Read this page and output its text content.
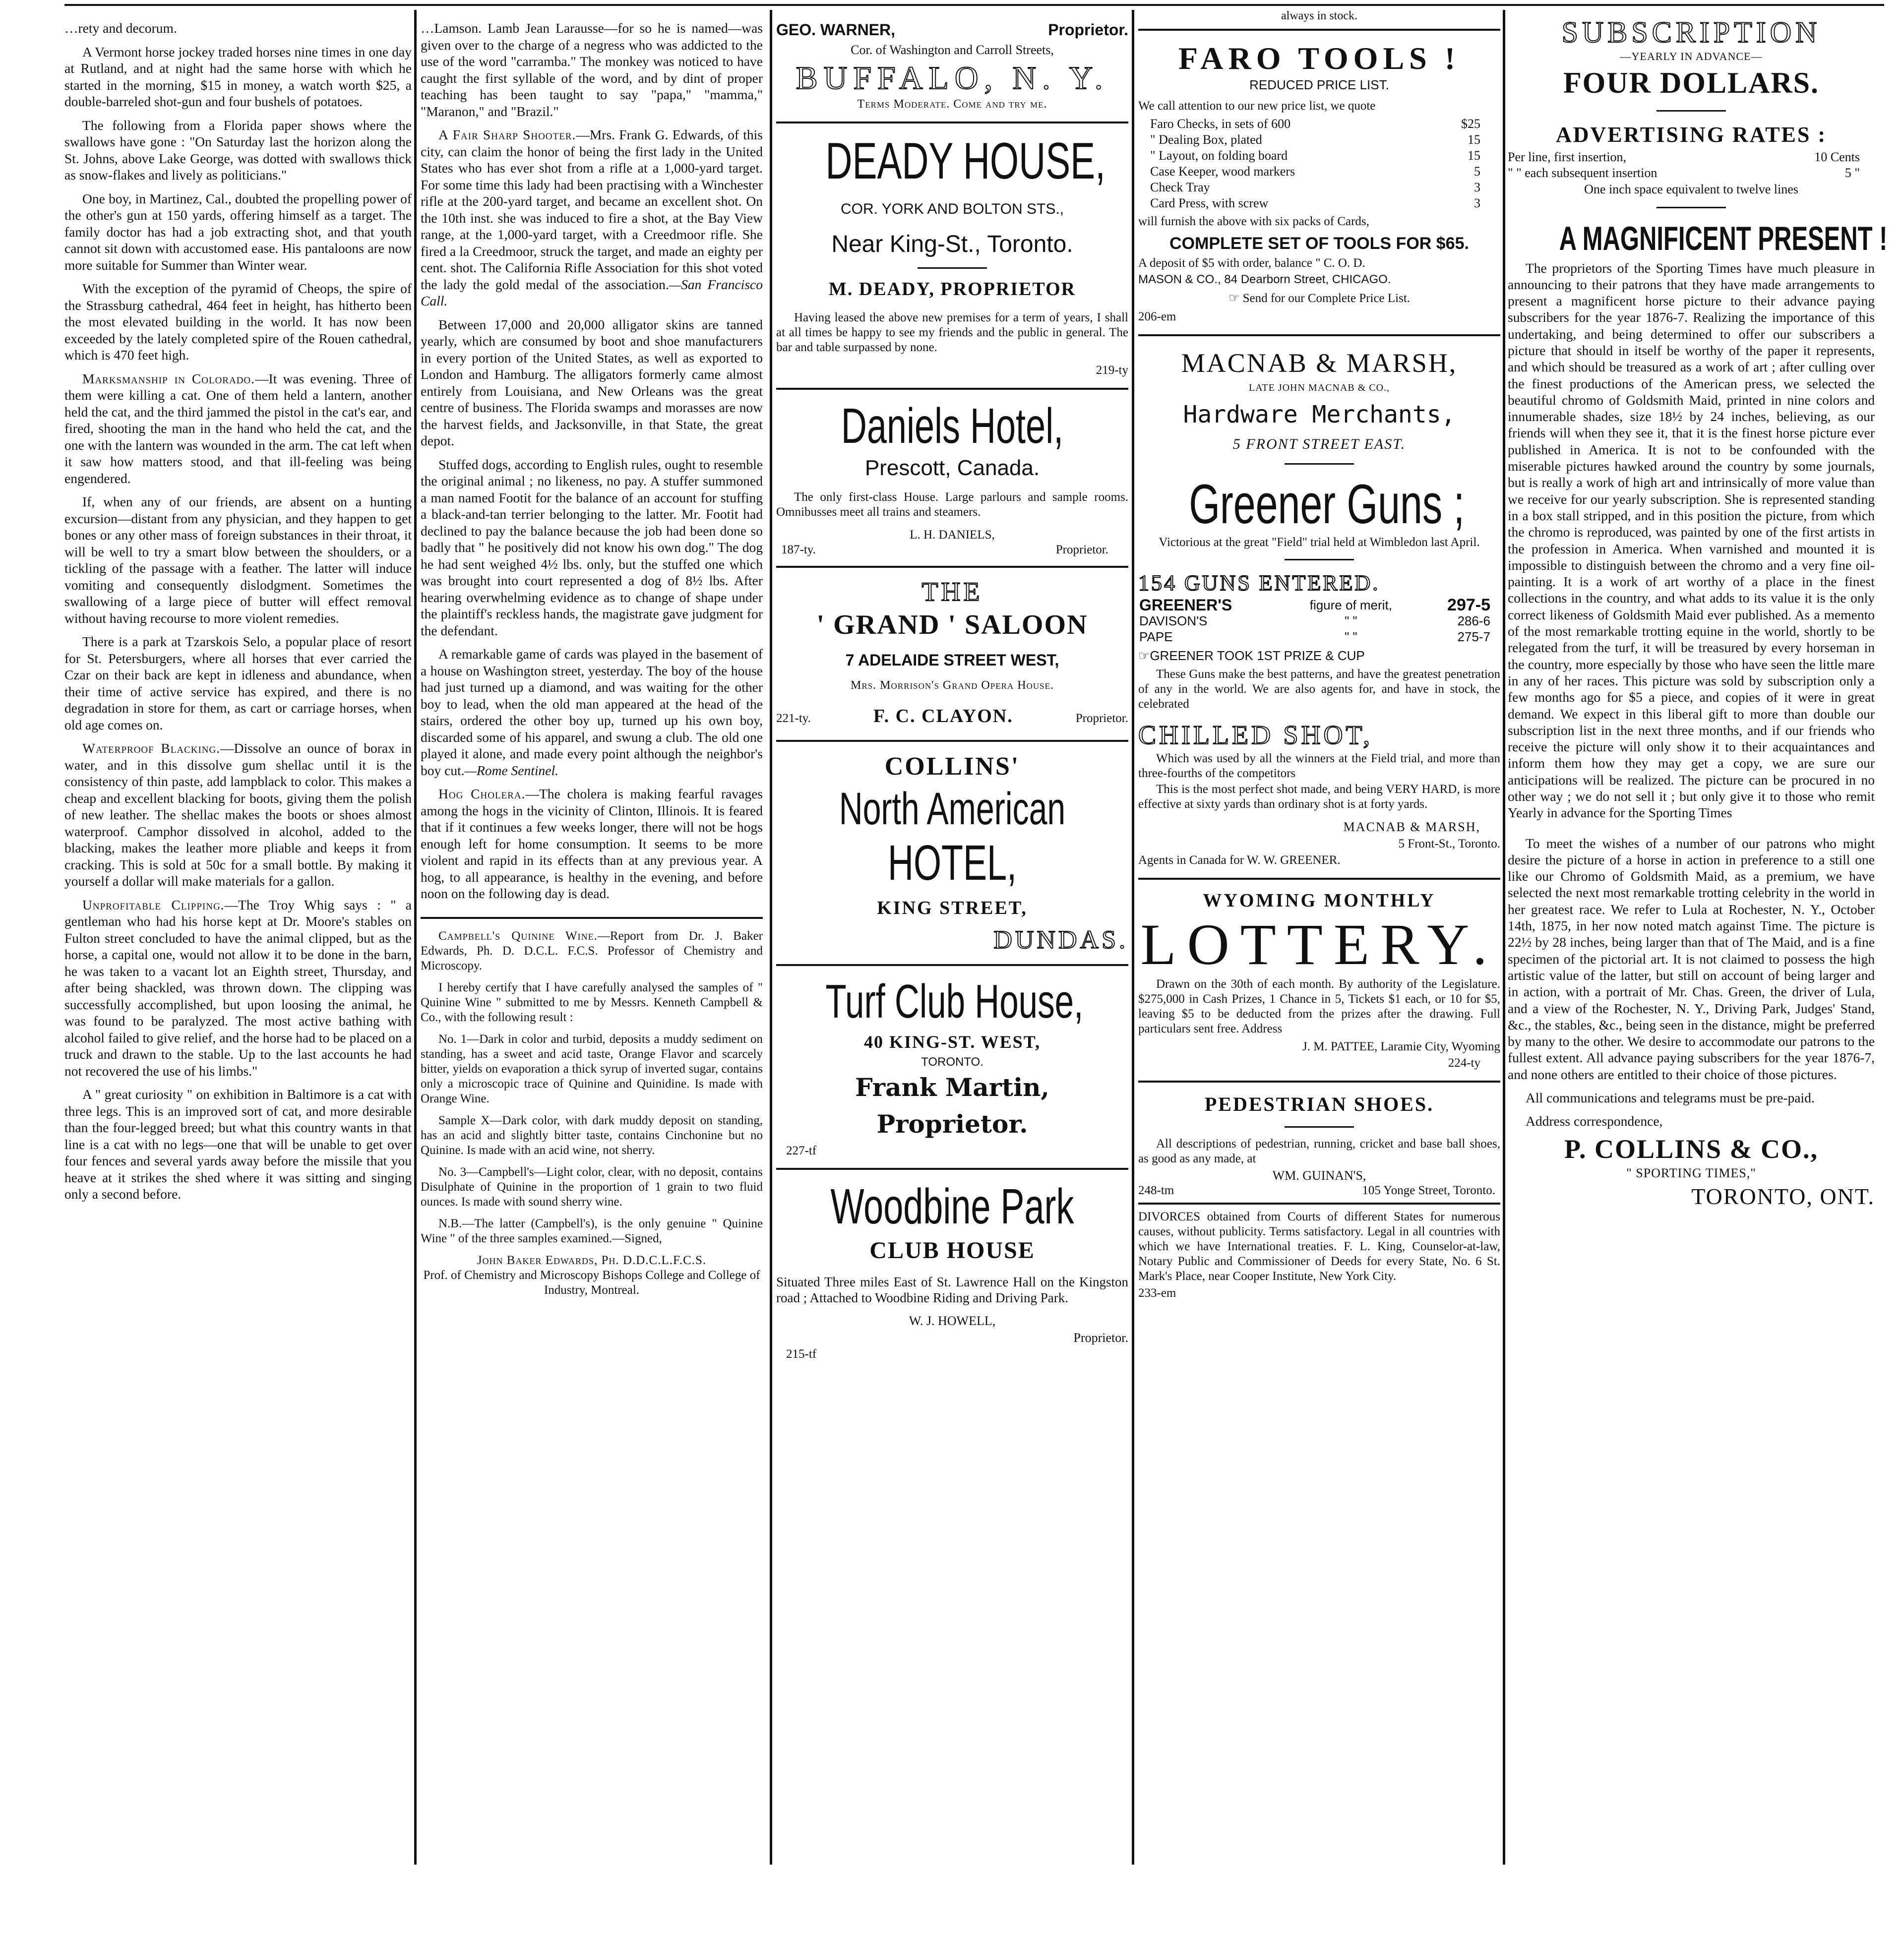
…rety and decorum.

A Vermont horse jockey traded horses nine times in one day at Rutland, and at night had the same horse with which he started in the morning, $15 in money, a watch worth $25, a double-barreled shot-gun and four bushels of potatoes.

The following from a Florida paper shows where the swallows have gone : "On Saturday last the horizon along the St. Johns, above Lake George, was dotted with swallows thick as snow-flakes and lively as politicians."

One boy, in Martinez, Cal., doubted the propelling power of the other's gun at 150 yards, offering himself as a target. The family doctor has had a job extracting shot, and that youth cannot sit down with accustomed ease. His pantaloons are now more suitable for Summer than Winter wear.

With the exception of the pyramid of Cheops, the spire of the Strassburg cathedral, 464 feet in height, has hitherto been the most elevated building in the world. It has now been exceeded by the lately completed spire of the Rouen cathedral, which is 470 feet high.

Marksmanship in Colorado.—It was evening. Three of them were killing a cat. One of them held a lantern, another held the cat, and the third jammed the pistol in the cat's ear, and fired, shooting the man in the hand who held the cat, and the one with the lantern was wounded in the arm. The cat left when it saw how matters stood, and that ill-feeling was being engendered.

If, when any of our friends, are absent on a hunting excursion—distant from any physician, and they happen to get bones or any other mass of foreign substances in their throat, it will be well to try a smart blow between the shoulders, or a tickling of the passage with a feather. The latter will induce vomiting and consequently dislodgment. Sometimes the swallowing of a large piece of butter will effect removal without having recourse to more violent remedies.

There is a park at Tzarskois Selo, a popular place of resort for St. Petersburgers, where all horses that ever carried the Czar on their back are kept in idleness and abundance, when their time of active service has expired, and there is no degradation in store for them, as cart or carriage horses, when old age comes on.

Waterproof Blacking.—Dissolve an ounce of borax in water, and in this dissolve gum shellac until it is the consistency of thin paste, add lampblack to color. This makes a cheap and excellent blacking for boots, giving them the polish of new leather. The shellac makes the boots or shoes almost waterproof. Camphor dissolved in alcohol, added to the blacking, makes the leather more pliable and keeps it from cracking. This is sold at 50c for a small bottle. By making it yourself a dollar will make materials for a gallon.

Unprofitable Clipping.—The Troy Whig says : " a gentleman who had his horse kept at Dr. Moore's stables on Fulton street concluded to have the animal clipped, but as the horse, a capital one, would not allow it to be done in the barn, he was taken to a vacant lot an Eighth street, Thursday, and after being shackled, was thrown down. The clipping was successfully accomplished, but upon loosing the animal, he was found to be paralyzed. The most active bathing with alcohol failed to give relief, and the horse had to be placed on a truck and drawn to the stable. Up to the last accounts he had not recovered the use of his limbs."

A " great curiosity " on exhibition in Baltimore is a cat with three legs. This is an improved sort of cat, and more desirable than the four-legged breed; but what this country wants in that line is a cat with no legs—one that will be unable to get over four fences and several yards away before the missile that you heave at it strikes the shed where it was sitting and singing only a second before.

…Lamson. Lamb Jean Larausse—for so he is named—was given over to the charge of a negress who was addicted to the use of the word "carramba." The monkey was noticed to have caught the first syllable of the word, and by dint of proper teaching has been taught to say "papa," "mamma," "Maranon," and "Brazil."

A Fair Sharp Shooter.—Mrs. Frank G. Edwards, of this city, can claim the honor of being the first lady in the United States who has ever shot from a rifle at a 1,000-yard target. For some time this lady had been practising with a Winchester rifle at the 200-yard target, and became an excellent shot. On the 10th inst. she was induced to fire a shot, at the Bay View range, at the 1,000-yard target, with a Creedmoor rifle. She fired a la Creedmoor, struck the target, and made an eighty per cent. shot. The California Rifle Association for this shot voted the lady the gold medal of the association.—San Francisco Call.

Between 17,000 and 20,000 alligator skins are tanned yearly, which are consumed by boot and shoe manufacturers in every portion of the United States, as well as exported to London and Hamburg. The alligators formerly came almost entirely from Louisiana, and New Orleans was the great centre of business. The Florida swamps and morasses are now the harvest fields, and Jacksonville, in that State, the great depot.

Stuffed dogs, according to English rules, ought to resemble the original animal ; no likeness, no pay. A stuffer summoned a man named Footit for the balance of an account for stuffing a black-and-tan terrier belonging to the latter. Mr. Footit had declined to pay the balance because the job had been done so badly that " he positively did not know his own dog." The dog he had sent weighed 4½ lbs. only, but the stuffed one which was brought into court represented a dog of 8½ lbs. After hearing overwhelming evidence as to change of shape under the plaintiff's reckless hands, the magistrate gave judgment for the defendant.

A remarkable game of cards was played in the basement of a house on Washington street, yesterday. The boy of the house had just turned up a diamond, and was waiting for the other boy to lead, when the old man appeared at the head of the stairs, ordered the other boy up, turned up his own boy, discarded some of his apparel, and swung a club. The old one played it alone, and made every point although the neighbor's boy cut.—Rome Sentinel.

Hog Cholera.—The cholera is making fearful ravages among the hogs in the vicinity of Clinton, Illinois. It is feared that if it continues a few weeks longer, there will not be hogs enough left for home consumption. It seems to be more violent and rapid in its effects than at any previous year. A hog, to all appearance, is healthy in the evening, and before noon on the following day is dead.

Campbell's Quinine Wine.—Report from Dr. J. Baker Edwards, Ph. D. D.C.L. F.C.S. Professor of Chemistry and Microscopy.

I hereby certify that I have carefully analysed the samples of " Quinine Wine " submitted to me by Messrs. Kenneth Campbell & Co., with the following result :

No. 1—Dark in color and turbid, deposits a muddy sediment on standing, has a sweet and acid taste, Orange Flavor and scarcely bitter, yields on evaporation a thick syrup of inverted sugar, contains only a microscopic trace of Quinine and Quinidine. Is made with Orange Wine.

Sample X—Dark color, with dark muddy deposit on standing, has an acid and slightly bitter taste, contains Cinchonine but no Quinine. Is made with an acid wine, not sherry.

No. 3—Campbell's—Light color, clear, with no deposit, contains Disulphate of Quinine in the proportion of 1 grain to two fluid ounces. Is made with sound sherry wine.

N.B.—The latter (Campbell's), is the only genuine " Quinine Wine " of the three samples examined.—Signed,

John Baker Edwards, Ph. D.D.C.L.F.C.S.

Prof. of Chemistry and Microscopy Bishops College and College of Industry, Montreal.

GEO. WARNER,	Proprietor.

Cor. of Washington and Carroll Streets,

BUFFALO, N. Y.

Terms Moderate. Come and try me.

DEADY HOUSE,
COR. YORK AND BOLTON STS.,
Near King-St., Toronto.
M. DEADY, PROPRIETOR

Having leased the above new premises for a term of years, I shall at all times be happy to see my friends and the public in general. The bar and table surpassed by none.

219-ty

Daniels Hotel,
Prescott, Canada.

The only first-class House. Large parlours and sample rooms. Omnibusses meet all trains and steamers.

L. H. DANIELS,

187-ty.	Proprietor.
THE
' GRAND ' SALOON
7 ADELAIDE STREET WEST,

Mrs. Morrison's Grand Opera House.

221-ty.	F. C. CLAYON.	Proprietor.
COLLINS'
North American
HOTEL,
KING STREET,
DUNDAS.
Turf Club House,
40 KING-ST. WEST,
TORONTO.
Frank Martin, Proprietor.

227-tf

Woodbine Park
CLUB HOUSE

Situated Three miles East of St. Lawrence Hall on the Kingston road ; Attached to Woodbine Riding and Driving Park.

W. J. HOWELL,

Proprietor.

215-tf

always in stock.

FARO TOOLS !
REDUCED PRICE LIST.

We call attention to our new price list, we quote

Faro Checks, in sets of 600	$25
" Dealing Box, plated	15
" Layout, on folding board	15
Case Keeper, wood markers	5
Check Tray	3
Card Press, with screw	3

will furnish the above with six packs of Cards,

COMPLETE SET OF TOOLS FOR $65.

A deposit of $5 with order, balance " C. O. D.

MASON & CO., 84 Dearborn Street, CHICAGO.

☞ Send for our Complete Price List.

206-em

MACNAB & MARSH,
LATE JOHN MACNAB & CO.,
Hardware Merchants,
5 FRONT STREET EAST.
Greener Guns ;

Victorious at the great "Field" trial held at Wimbledon last April.

154 GUNS ENTERED.
GREENER'S	figure of merit,	297-5
DAVISON'S	" "	286-6
PAPE	" "	275-7

☞GREENER TOOK 1ST PRIZE & CUP

These Guns make the best patterns, and have the greatest penetration of any in the world. We are also agents for, and have in stock, the celebrated

CHILLED SHOT,

Which was used by all the winners at the Field trial, and more than three-fourths of the competitors

This is the most perfect shot made, and being VERY HARD, is more effective at sixty yards than ordinary shot is at forty yards.

MACNAB & MARSH,

5 Front-St., Toronto.

Agents in Canada for W. W. GREENER.

WYOMING MONTHLY
LOTTERY.

Drawn on the 30th of each month. By authority of the Legislature. $275,000 in Cash Prizes, 1 Chance in 5, Tickets $1 each, or 10 for $5, leaving $5 to be deducted from the prizes after the drawing. Full particulars sent free. Address

J. M. PATTEE, Laramie City, Wyoming

224-ty

PEDESTRIAN SHOES.

All descriptions of pedestrian, running, cricket and base ball shoes, as good as any made, at

WM. GUINAN'S,

248-tm	105 Yonge Street, Toronto.

DIVORCES obtained from Courts of different States for numerous causes, without publicity. Terms satisfactory. Legal in all countries with which we have International treaties. F. L. King, Counselor-at-law, Notary Public and Commissioner of Deeds for every State, No. 6 St. Mark's Place, near Cooper Institute, New York City.

233-em

SUBSCRIPTION
—YEARLY IN ADVANCE—
FOUR DOLLARS.
ADVERTISING RATES :
Per line, first insertion,	10 Cents
" " each subsequent insertion	5 "

One inch space equivalent to twelve lines

A MAGNIFICENT PRESENT !

The proprietors of the Sporting Times have much pleasure in announcing to their patrons that they have made arrangements to present a magnificent horse picture to their advance paying subscribers for the year 1876-7. Realizing the importance of this undertaking, and being determined to offer our subscribers a picture that should in itself be worthy of the paper it represents, and which should be treasured as a work of art ; after culling over the finest productions of the American press, we selected the beautiful chromo of Goldsmith Maid, printed in nine colors and innumerable shades, size 18½ by 24 inches, believing, as our friends will when they see it, that it is the finest horse picture ever published in America. It is not to be confounded with the miserable pictures hawked around the country by some journals, but is really a work of high art and intrinsically of more value than we receive for our yearly subscription. She is represented standing in a box stall stripped, and in this position the picture, from which the chromo is reproduced, was painted by one of the first artists in the profession in America. When varnished and mounted it is impossible to distinguish between the chromo and a very fine oil-painting. It is a work of art worthy of a place in the finest collections in the country, and what adds to its value it is the only correct likeness of Goldsmith Maid ever published. As a memento of the most remarkable trotting equine in the world, shortly to be relegated from the turf, it will be treasured by every horseman in the country, more especially by those who have seen the little mare in any of her races. This picture was sold by subscription only a few months ago for $5 a piece, and copies of it were in great demand. We expect in this liberal gift to more than double our subscription list in the next three months, and if our friends who receive the picture will only show it to their acquaintances and inform them how they may get a copy, we are sure our anticipations will be realized. The picture can be procured in no other way ; we do not sell it ; but only give it to those who remit Yearly in advance for the Sporting Times

To meet the wishes of a number of our patrons who might desire the picture of a horse in action in preference to a still one like our Chromo of Goldsmith Maid, as a premium, we have selected the next most remarkable trotting celebrity in the world in her greatest race. We refer to Lula at Rochester, N. Y., October 14th, 1875, in her now noted match against Time. The picture is 22½ by 28 inches, being larger than that of The Maid, and is a fine specimen of the pictorial art. It is not claimed to possess the high artistic value of the latter, but still on account of being larger and in action, with a portrait of Mr. Chas. Green, the driver of Lula, and a view of the Rochester, N. Y., Driving Park, Judges' Stand, &c., the stables, &c., being seen in the distance, might be preferred by many to the other. We desire to accommodate our patrons to the fullest extent. All advance paying subscribers for the year 1876-7, and none others are entitled to their choice of those pictures.

All communications and telegrams must be pre-paid.

Address correspondence,

P. COLLINS & CO.,
" SPORTING TIMES,"
TORONTO, ONT.
